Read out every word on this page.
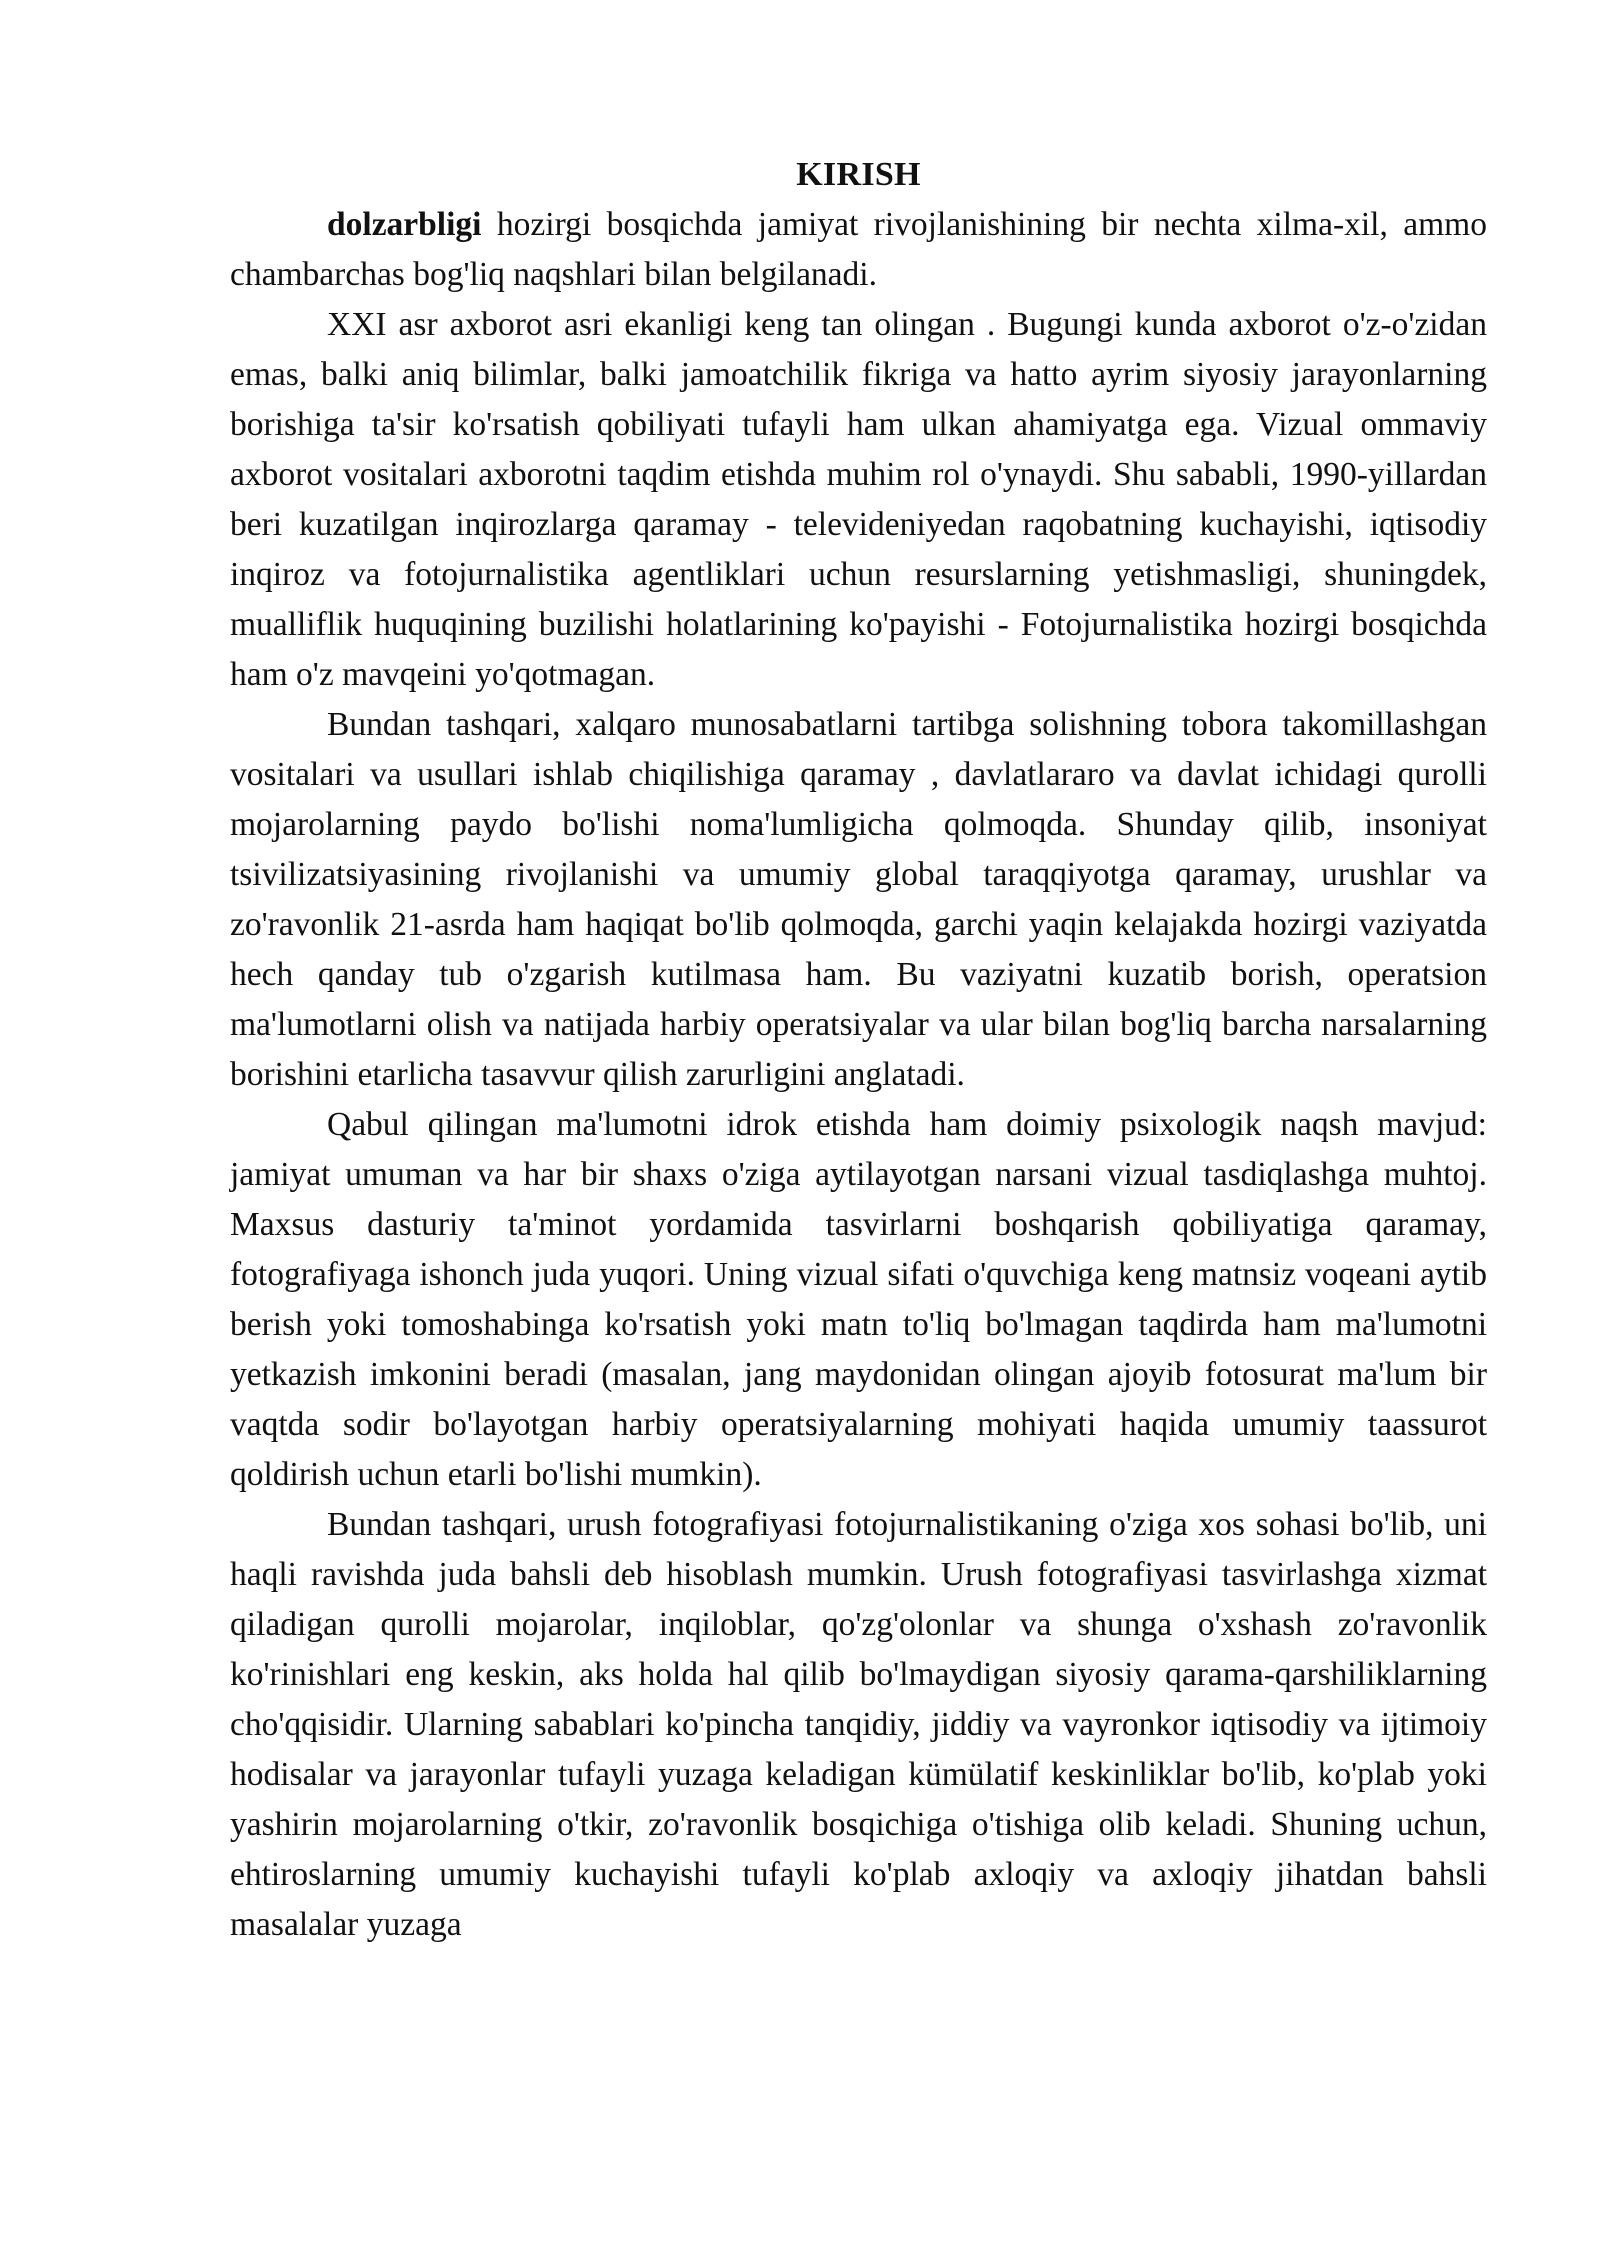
KIRISH

dolzarbligi hozirgi bosqichda jamiyat rivojlanishining bir nechta xilma-xil, ammo chambarchas bog'liq naqshlari bilan belgilanadi.

XXI asr axborot asri ekanligi keng tan olingan . Bugungi kunda axborot o'z-o'zidan emas, balki aniq bilimlar, balki jamoatchilik fikriga va hatto ayrim siyosiy jarayonlarning borishiga ta'sir ko'rsatish qobiliyati tufayli ham ulkan ahamiyatga ega. Vizual ommaviy axborot vositalari axborotni taqdim etishda muhim rol o'ynaydi. Shu sababli, 1990-yillardan beri kuzatilgan inqirozlarga qaramay - televideniyedan raqobatning kuchayishi, iqtisodiy inqiroz va fotojurnalistika agentliklari uchun resurslarning yetishmasligi, shuningdek, mualliflik huquqining buzilishi holatlarining ko'payishi - Fotojurnalistika hozirgi bosqichda ham o'z mavqeini yo'qotmagan.

Bundan tashqari, xalqaro munosabatlarni tartibga solishning tobora takomillashgan vositalari va usullari ishlab chiqilishiga qaramay , davlatlararo va davlat ichidagi qurolli mojarolarning paydo bo'lishi noma'lumligicha qolmoqda. Shunday qilib, insoniyat tsivilizatsiyasining rivojlanishi va umumiy global taraqqiyotga qaramay, urushlar va zo'ravonlik 21-asrda ham haqiqat bo'lib qolmoqda, garchi yaqin kelajakda hozirgi vaziyatda hech qanday tub o'zgarish kutilmasa ham. Bu vaziyatni kuzatib borish, operatsion ma'lumotlarni olish va natijada harbiy operatsiyalar va ular bilan bog'liq barcha narsalarning borishini etarlicha tasavvur qilish zarurligini anglatadi.

Qabul qilingan ma'lumotni idrok etishda ham doimiy psixologik naqsh mavjud: jamiyat umuman va har bir shaxs o'ziga aytilayotgan narsani vizual tasdiqlashga muhtoj. Maxsus dasturiy ta'minot yordamida tasvirlarni boshqarish qobiliyatiga qaramay, fotografiyaga ishonch juda yuqori. Uning vizual sifati o'quvchiga keng matnsiz voqeani aytib berish yoki tomoshabinga ko'rsatish yoki matn to'liq bo'lmagan taqdirda ham ma'lumotni yetkazish imkonini beradi (masalan, jang maydonidan olingan ajoyib fotosurat ma'lum bir vaqtda sodir bo'layotgan harbiy operatsiyalarning mohiyati haqida umumiy taassurot qoldirish uchun etarli bo'lishi mumkin).

Bundan tashqari, urush fotografiyasi fotojurnalistikaning o'ziga xos sohasi bo'lib, uni haqli ravishda juda bahsli deb hisoblash mumkin. Urush fotografiyasi tasvirlashga xizmat qiladigan qurolli mojarolar, inqiloblar, qo'zg'olonlar va shunga o'xshash zo'ravonlik ko'rinishlari eng keskin, aks holda hal qilib bo'lmaydigan siyosiy qarama-qarshiliklarning cho'qqisidir. Ularning sabablari ko'pincha tanqidiy, jiddiy va vayronkor iqtisodiy va ijtimoiy hodisalar va jarayonlar tufayli yuzaga keladigan kümülatif keskinliklar bo'lib, ko'plab yoki yashirin mojarolarning o'tkir, zo'ravonlik bosqichiga o'tishiga olib keladi. Shuning uchun, ehtiroslarning umumiy kuchayishi tufayli ko'plab axloqiy va axloqiy jihatdan bahsli masalalar yuzaga
